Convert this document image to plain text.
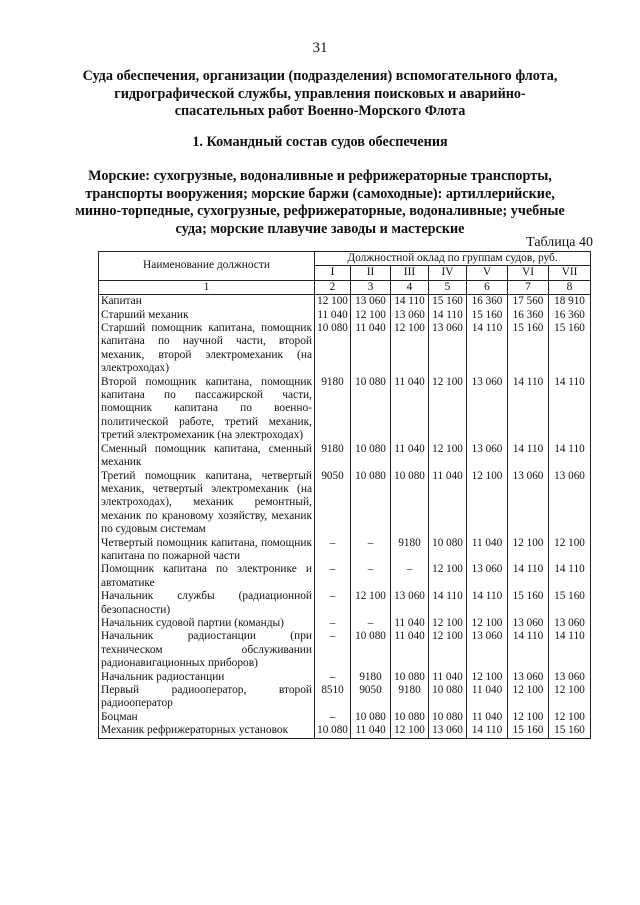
31
Суда обеспечения, организации (подразделения) вспомогательного флота, гидрографической службы, управления поисковых и аварийно-спасательных работ Военно-Морского Флота
1. Командный состав судов обеспечения
Морские: сухогрузные, водоналивные и рефрижераторные транспорты, транспорты вооружения; морские баржи (самоходные): артиллерийские, минно-торпедные, сухогрузные, рефрижераторные, водоналивные; учебные суда; морские плавучие заводы и мастерские
Таблица 40
Наименование должности	Должностной оклад по группам судов, руб.						
	I	II	III	IV	V	VI	VII
1	2	3	4	5	6	7	8
Капитан	12 100	13 060	14 110	15 160	16 360	17 560	18 910
Старший механик	11 040	12 100	13 060	14 110	15 160	16 360	16 360
Старший помощник капитана, помощник капитана по научной части, второй механик, второй электромеханик (на электроходах)	10 080	11 040	12 100	13 060	14 110	15 160	15 160
Второй помощник капитана, помощник капитана по пассажирской части, помощник капитана по военно-политической работе, третий механик, третий электромеханик (на электроходах)	9180	10 080	11 040	12 100	13 060	14 110	14 110
Сменный помощник капитана, сменный механик	9180	10 080	11 040	12 100	13 060	14 110	14 110
Третий помощник капитана, четвертый механик, четвертый электромеханик (на электроходах), механик ремонтный, механик по крановому хозяйству, механик по судовым системам	9050	10 080	10 080	11 040	12 100	13 060	13 060
Четвертый помощник капитана, помощник капитана по пожарной части	–	–	9180	10 080	11 040	12 100	12 100
Помощник капитана по электронике и автоматике	–	–	–	12 100	13 060	14 110	14 110
Начальник службы (радиационной безопасности)	–	12 100	13 060	14 110	14 110	15 160	15 160
Начальник судовой партии (команды)	–	–	11 040	12 100	12 100	13 060	13 060
Начальник радиостанции (при техническом обслуживании радионавигационных приборов)	–	10 080	11 040	12 100	13 060	14 110	14 110
Начальник радиостанции	–	9180	10 080	11 040	12 100	13 060	13 060
Первый радиооператор, второй радиооператор	8510	9050	9180	10 080	11 040	12 100	12 100
Боцман	–	10 080	10 080	10 080	11 040	12 100	12 100
Механик рефрижераторных установок	10 080	11 040	12 100	13 060	14 110	15 160	15 160
